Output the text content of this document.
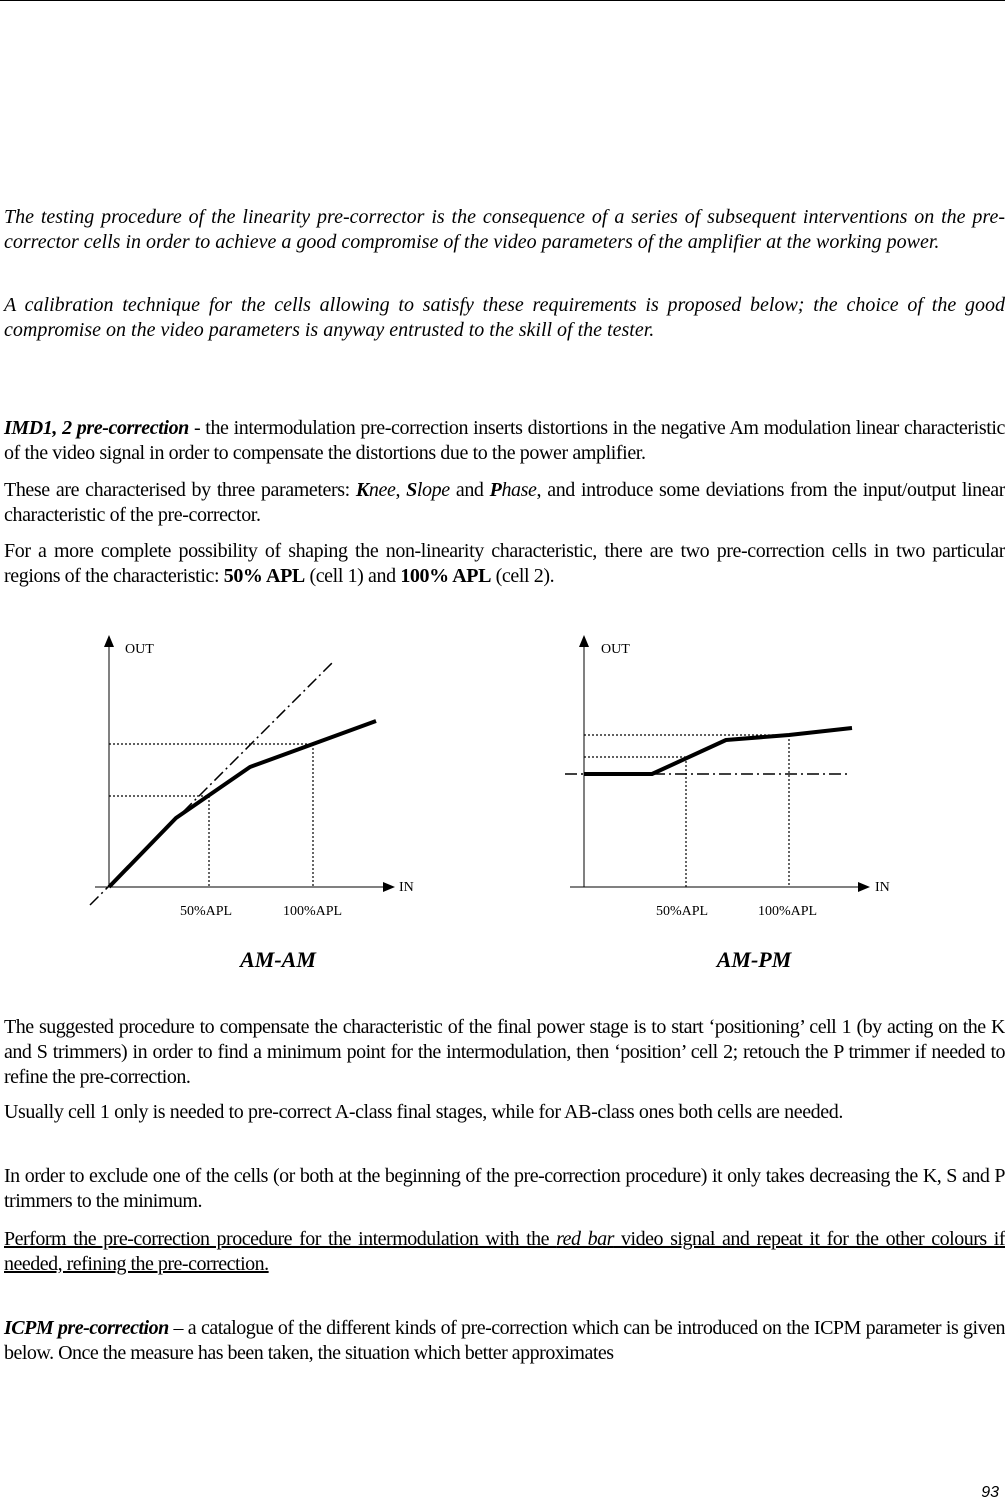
The testing procedure of the linearity pre-corrector is the consequence of a series of subsequent interventions on the pre-corrector cells in order to achieve a good compromise of the video parameters of the amplifier at the working power.

A calibration technique for the cells allowing to satisfy these requirements is proposed below; the choice of the good compromise on the video parameters is anyway entrusted to the skill of the tester.

IMD1, 2 pre-correction - the intermodulation pre-correction inserts distortions in the negative Am modulation linear characteristic of the video signal in order to compensate the distortions due to the power amplifier.

These are characterised by three parameters: Knee, Slope and Phase, and introduce some deviations from the input/output linear characteristic of the pre-corrector.

For a more complete possibility of shaping the non-linearity characteristic, there are two pre-correction cells in two particular regions of the characteristic: 50% APL (cell 1) and 100% APL (cell 2).

OUT
IN
50%APL	100%APL
AM-AM
OUT
IN
50%APL	100%APL
AM-PM

The suggested procedure to compensate the characteristic of the final power stage is to start ‘positioning’ cell 1 (by acting on the K and S trimmers) in order to find a minimum point for the intermodulation, then ‘position’ cell 2; retouch the P trimmer if needed to refine the pre-correction.

Usually cell 1 only is needed to pre-correct A-class final stages, while for AB-class ones both cells are needed.

In order to exclude one of the cells (or both at the beginning of the pre-correction procedure) it only takes decreasing the K, S and P trimmers to the minimum.

Perform the pre-correction procedure for the intermodulation with the red bar video signal and repeat it for the other colours if needed, refining the pre-correction.

ICPM pre-correction – a catalogue of the different kinds of pre-correction which can be introduced on the ICPM parameter is given below. Once the measure has been taken, the situation which better approximates

93
